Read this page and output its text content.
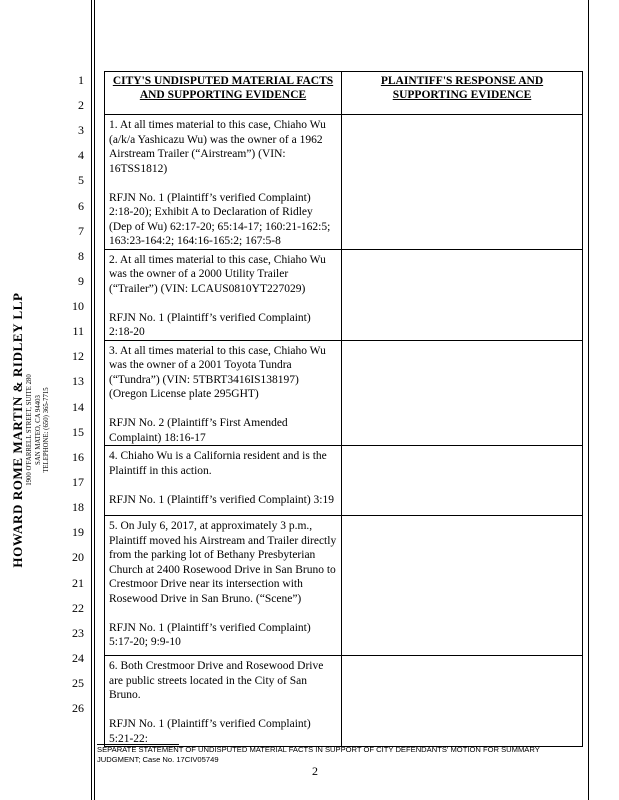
HOWARD ROME MARTIN & RIDLEY LLP 1900 O'FARRELL STREET, SUITE 280 SAN MATEO, CA 94403 TELEPHONE: (650) 365-7715
1
2
3
4
5
6
7
8
9
10
11
12
13
14
15
16
17
18
19
20
21
22
23
24
25
26
CITY'S UNDISPUTED MATERIAL FACTS AND SUPPORTING EVIDENCE	PLAINTIFF'S RESPONSE AND SUPPORTING EVIDENCE

1. At all times material to this case, Chiaho Wu (a/k/a Yashicazu Wu) was the owner of a 1962 Airstream Trailer (“Airstream”) (VIN: 16TSS1812)

RFJN No. 1 (Plaintiff’s verified Complaint) 2:18-20); Exhibit A to Declaration of Ridley (Dep of Wu) 62:17-20; 65:14-17; 160:21-162:5; 163:23-164:2; 164:16-165:2; 167:5-8	

2. At all times material to this case, Chiaho Wu was the owner of a 2000 Utility Trailer (“Trailer”) (VIN: LCAUS0810YT227029)

RFJN No. 1 (Plaintiff’s verified Complaint) 2:18-20	

3. At all times material to this case, Chiaho Wu was the owner of a 2001 Toyota Tundra (“Tundra”) (VIN: 5TBRT3416IS138197) (Oregon License plate 295GHT)

RFJN No. 2 (Plaintiff’s First Amended Complaint) 18:16-17	

4. Chiaho Wu is a California resident and is the Plaintiff in this action.

RFJN No. 1 (Plaintiff’s verified Complaint) 3:19	

5. On July 6, 2017, at approximately 3 p.m., Plaintiff moved his Airstream and Trailer directly from the parking lot of Bethany Presbyterian Church at 2400 Rosewood Drive in San Bruno to Crestmoor Drive near its intersection with Rosewood Drive in San Bruno. (“Scene”)

RFJN No. 1 (Plaintiff’s verified Complaint) 5:17-20; 9:9-10	

6. Both Crestmoor Drive and Rosewood Drive are public streets located in the City of San Bruno.

RFJN No. 1 (Plaintiff’s verified Complaint) 5:21-22:	

SEPARATE STATEMENT OF UNDISPUTED MATERIAL FACTS IN SUPPORT OF CITY DEFENDANTS' MOTION FOR SUMMARY JUDGMENT; Case No. 17CIV05749
2
